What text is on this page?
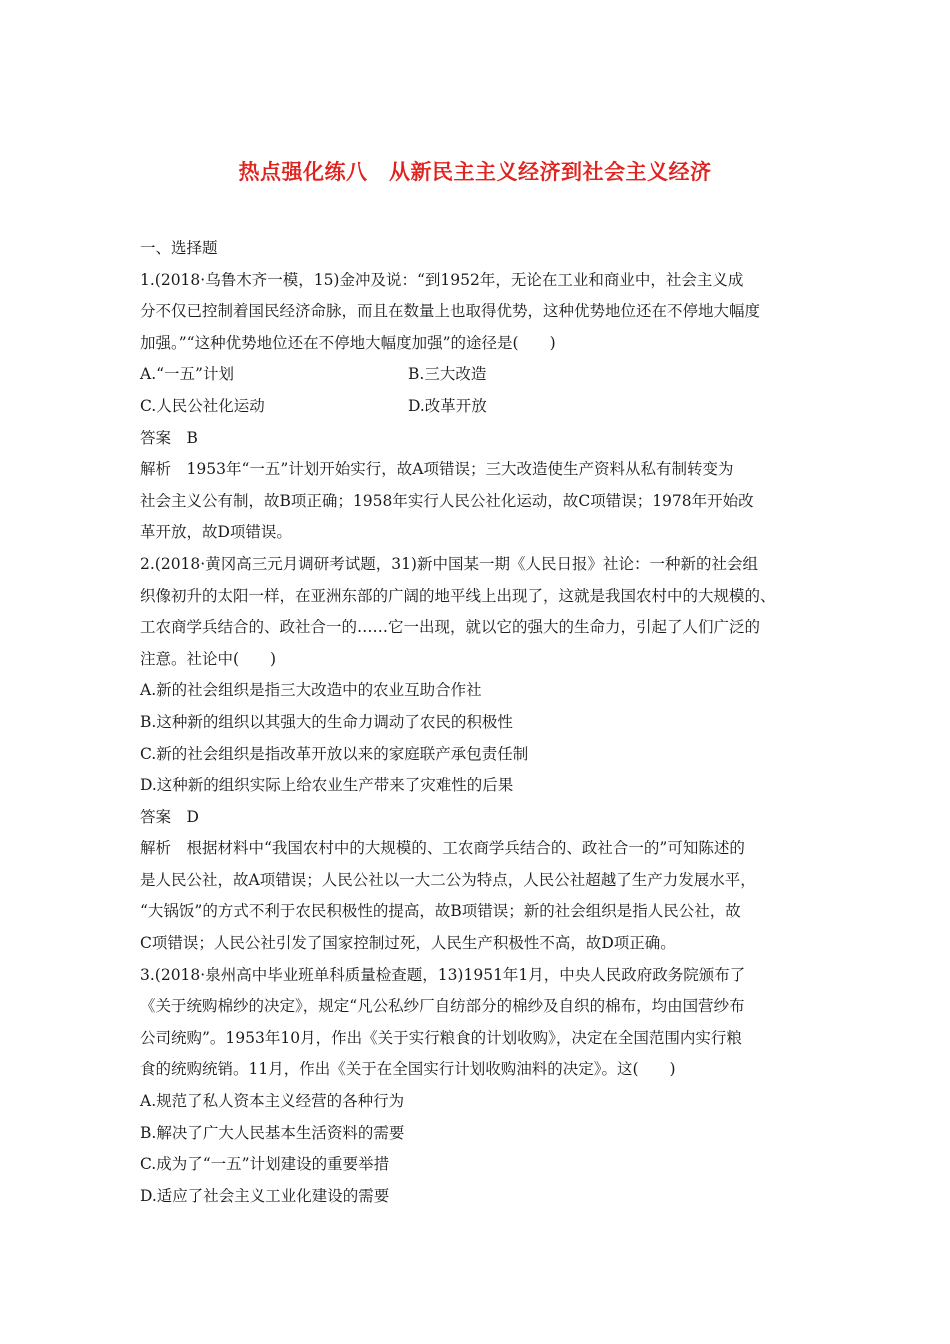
热点强化练八　从新民主主义经济到社会主义经济
一、选择题
1.(2018·乌鲁木齐一模，15)金冲及说：“到1952年，无论在工业和商业中，社会主义成
分不仅已控制着国民经济命脉，而且在数量上也取得优势，这种优势地位还在不停地大幅度
加强。”“这种优势地位还在不停地大幅度加强”的途径是(　　)
A.“一五”计划	B.三大改造
C.人民公社化运动	D.改革开放
答案　B
解析　1953年“一五”计划开始实行，故A项错误；三大改造使生产资料从私有制转变为
社会主义公有制，故B项正确；1958年实行人民公社化运动，故C项错误；1978年开始改
革开放，故D项错误。
2.(2018·黄冈高三元月调研考试题，31)新中国某一期《人民日报》社论：一种新的社会组
织像初升的太阳一样，在亚洲东部的广阔的地平线上出现了，这就是我国农村中的大规模的、
工农商学兵结合的、政社合一的……它一出现，就以它的强大的生命力，引起了人们广泛的
注意。社论中(　　)
A.新的社会组织是指三大改造中的农业互助合作社
B.这种新的组织以其强大的生命力调动了农民的积极性
C.新的社会组织是指改革开放以来的家庭联产承包责任制
D.这种新的组织实际上给农业生产带来了灾难性的后果
答案　D
解析　根据材料中“我国农村中的大规模的、工农商学兵结合的、政社合一的”可知陈述的
是人民公社，故A项错误；人民公社以一大二公为特点，人民公社超越了生产力发展水平，
“大锅饭”的方式不利于农民积极性的提高，故B项错误；新的社会组织是指人民公社，故
C项错误；人民公社引发了国家控制过死，人民生产积极性不高，故D项正确。
3.(2018·泉州高中毕业班单科质量检查题，13)1951年1月，中央人民政府政务院颁布了
《关于统购棉纱的决定》，规定“凡公私纱厂自纺部分的棉纱及自织的棉布，均由国营纱布
公司统购”。1953年10月，作出《关于实行粮食的计划收购》，决定在全国范围内实行粮
食的统购统销。11月，作出《关于在全国实行计划收购油料的决定》。这(　　)
A.规范了私人资本主义经营的各种行为
B.解决了广大人民基本生活资料的需要
C.成为了“一五”计划建设的重要举措
D.适应了社会主义工业化建设的需要
